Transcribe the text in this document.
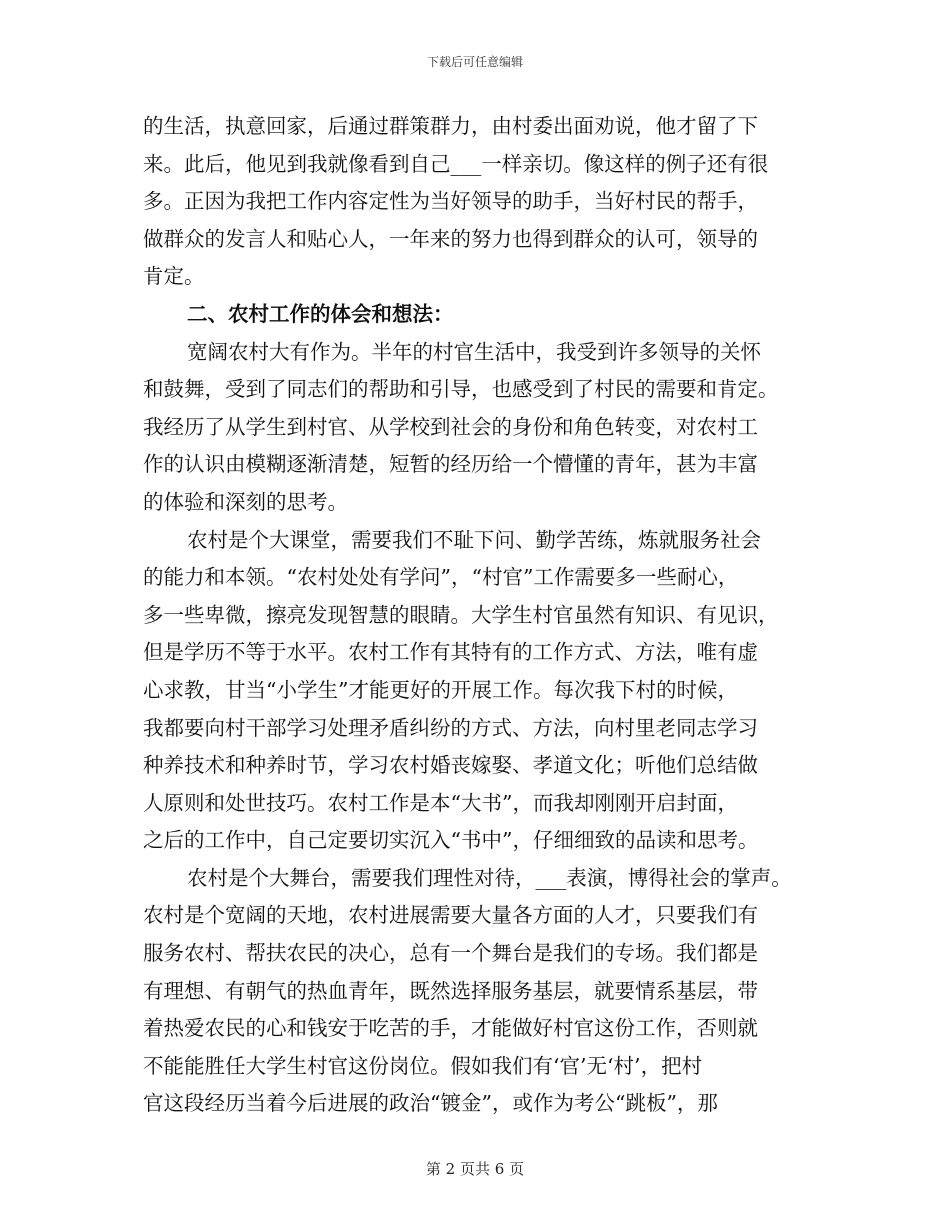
下载后可任意编辑
的生活，执意回家，后通过群策群力，由村委出面劝说，他才留了下
来。此后，他见到我就像看到自己___一样亲切。像这样的例子还有很
多。正因为我把工作内容定性为当好领导的助手，当好村民的帮手，
做群众的发言人和贴心人，一年来的努力也得到群众的认可，领导的
肯定。
二、农村工作的体会和想法：
宽阔农村大有作为。半年的村官生活中，我受到许多领导的关怀
和鼓舞，受到了同志们的帮助和引导，也感受到了村民的需要和肯定。
我经历了从学生到村官、从学校到社会的身份和角色转变，对农村工
作的认识由模糊逐渐清楚，短暂的经历给一个懵懂的青年，甚为丰富
的体验和深刻的思考。
农村是个大课堂，需要我们不耻下问、勤学苦练，炼就服务社会
的能力和本领。“农村处处有学问”，“村官”工作需要多一些耐心，
多一些卑微，擦亮发现智慧的眼睛。大学生村官虽然有知识、有见识，
但是学历不等于水平。农村工作有其特有的工作方式、方法，唯有虚
心求教，甘当“小学生”才能更好的开展工作。每次我下村的时候，
我都要向村干部学习处理矛盾纠纷的方式、方法，向村里老同志学习
种养技术和种养时节，学习农村婚丧嫁娶、孝道文化；听他们总结做
人原则和处世技巧。农村工作是本“大书”，而我却刚刚开启封面，
之后的工作中，自己定要切实沉入“书中”，仔细细致的品读和思考。
农村是个大舞台，需要我们理性对待，___表演，博得社会的掌声。
农村是个宽阔的天地，农村进展需要大量各方面的人才，只要我们有
服务农村、帮扶农民的决心，总有一个舞台是我们的专场。我们都是
有理想、有朝气的热血青年，既然选择服务基层，就要情系基层，带
着热爱农民的心和钱安于吃苦的手，才能做好村官这份工作，否则就
不能能胜任大学生村官这份岗位。假如我们有‘官’无‘村’，把村
官这段经历当着今后进展的政治“镀金”，或作为考公“跳板”，那
第 2 页共 6 页
